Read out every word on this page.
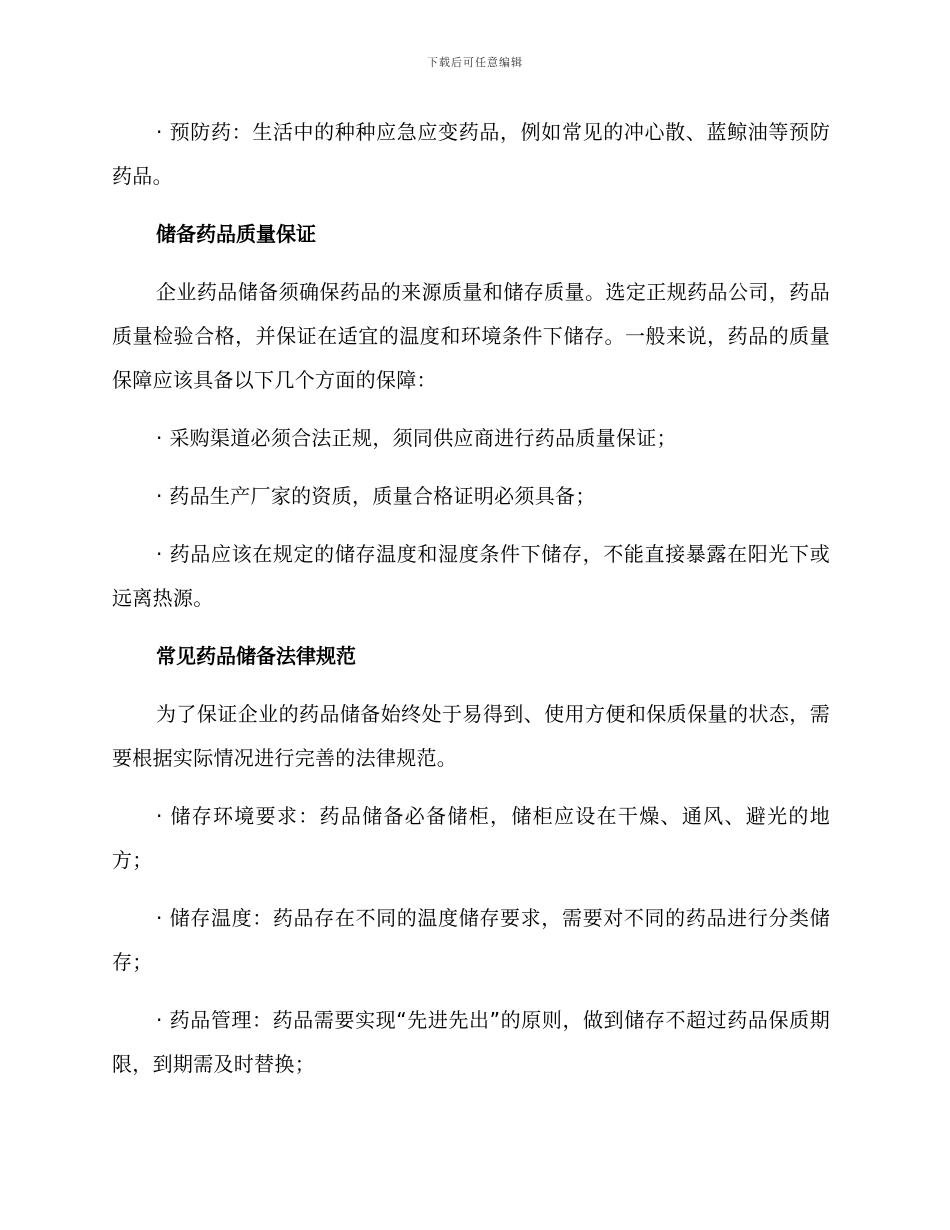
下载后可任意编辑

· 预防药：生活中的种种应急应变药品，例如常见的冲心散、蓝鲸油等预防药品。

储备药品质量保证

企业药品储备须确保药品的来源质量和储存质量。选定正规药品公司，药品质量检验合格，并保证在适宜的温度和环境条件下储存。一般来说，药品的质量保障应该具备以下几个方面的保障：

· 采购渠道必须合法正规，须同供应商进行药品质量保证；

· 药品生产厂家的资质，质量合格证明必须具备；

· 药品应该在规定的储存温度和湿度条件下储存，不能直接暴露在阳光下或远离热源。

常见药品储备法律规范

为了保证企业的药品储备始终处于易得到、使用方便和保质保量的状态，需要根据实际情况进行完善的法律规范。

· 储存环境要求：药品储备必备储柜，储柜应设在干燥、通风、避光的地方；

· 储存温度：药品存在不同的温度储存要求，需要对不同的药品进行分类储存；

· 药品管理：药品需要实现“先进先出”的原则，做到储存不超过药品保质期限，到期需及时替换；
